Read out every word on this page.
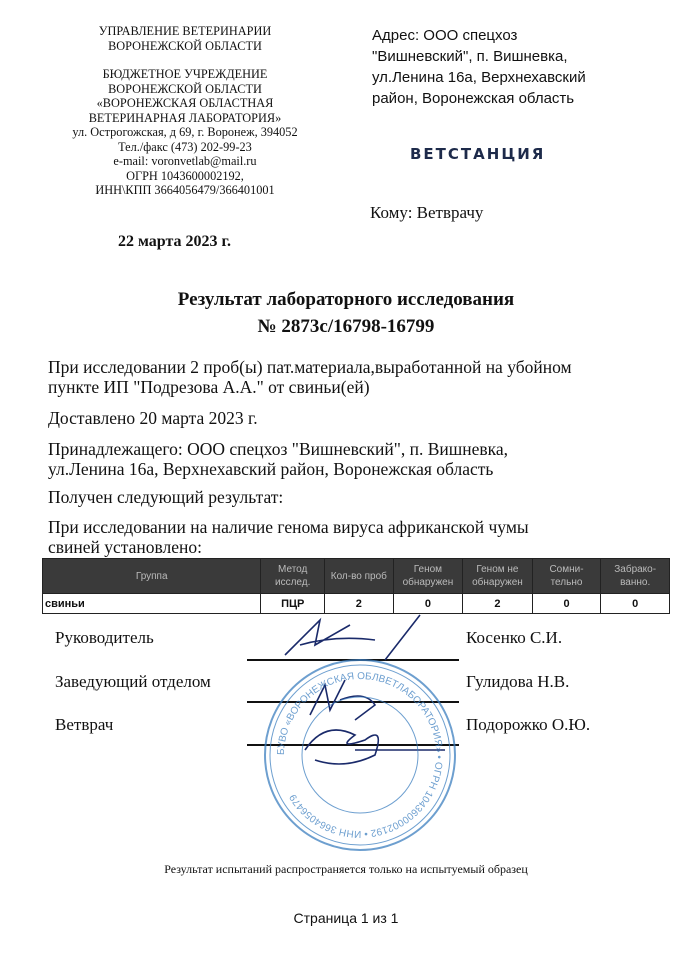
УПРАВЛЕНИЕ ВЕТЕРИНАРИИ
ВОРОНЕЖСКОЙ ОБЛАСТИ
БЮДЖЕТНОЕ УЧРЕЖДЕНИЕ
ВОРОНЕЖСКОЙ ОБЛАСТИ
«ВОРОНЕЖСКАЯ ОБЛАСТНАЯ
ВЕТЕРИНАРНАЯ ЛАБОРАТОРИЯ»
ул. Острогожская, д 69, г. Воронеж, 394052
Тел./факс (473) 202-99-23
e-mail: voronvetlab@mail.ru
ОГРН 1043600002192,
ИНН\КПП 3664056479/366401001
Адрес: ООО спецхоз
"Вишневский", п. Вишневка,
ул.Ленина 16а, Верхнехавский
район, Воронежская область
ВЕТСТАНЦИЯ
Кому: Ветврачу
22 марта 2023 г.
Результат лабораторного исследования
№ 2873с/16798-16799
При исследовании 2 проб(ы) пат.материала,выработанной на убойном
пункте ИП "Подрезова А.А." от свиньи(ей)
Доставлено 20 марта 2023 г.
Принадлежащего: ООО спецхоз "Вишневский", п. Вишневка,
ул.Ленина 16а, Верхнехавский район, Воронежская область
Получен следующий результат:
При исследовании на наличие генома вируса африканской чумы
свиней установлено:
Группа	Метод исслед.	Кол-во проб	Геном обнаружен	Геном не обнаружен	Сомни-тельно	Забрако-ванно.
свиньи	ПЦР	2	0	2	0	0
Руководитель	Косенко С.И.
Заведующий отделом	Гулидова Н.В.
Ветврач	Подорожко О.Ю.
БУВО «ВОРОНЕЖСКАЯ ОБЛВЕТЛАБОРАТОРИЯ» • ОГРН 1043600002192 • ИНН 3664056479
Результат испытаний распространяется только на испытуемый образец
Страница 1 из 1
